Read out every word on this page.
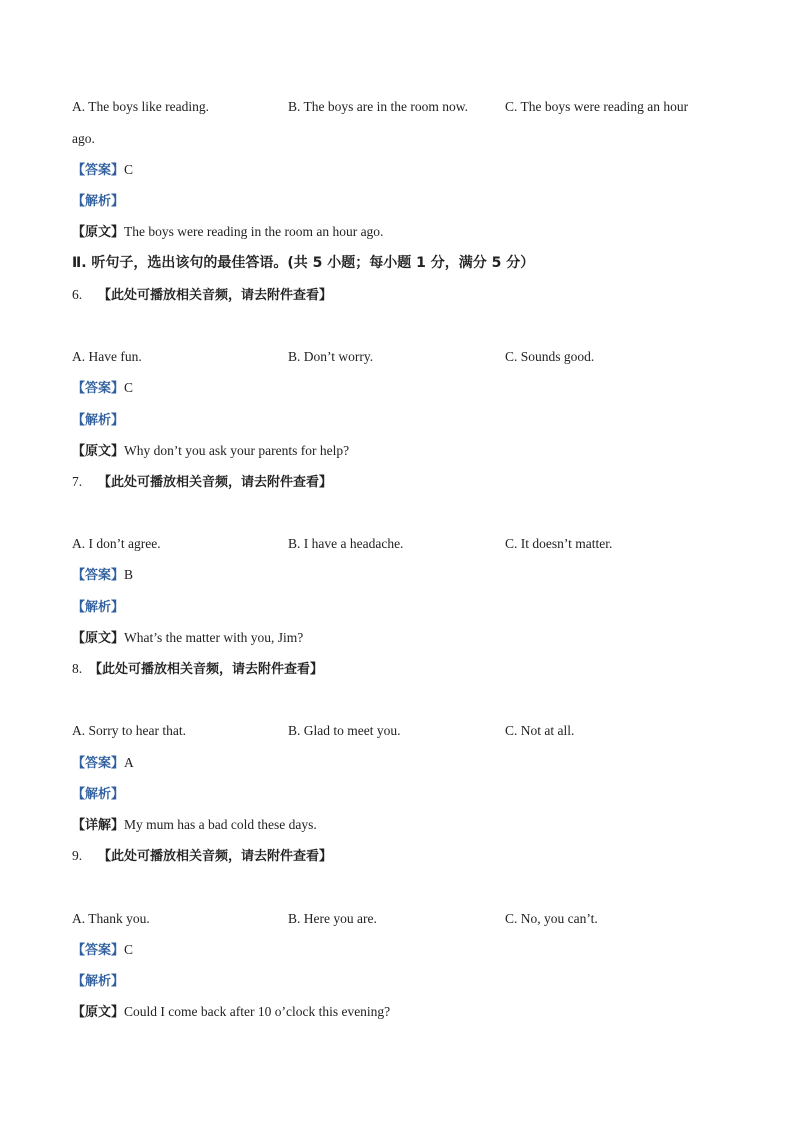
A. The boys like reading.	B. The boys are in the room now.	C. The boys were reading an hour
ago.
【答案】C
【解析】
【原文】The boys were reading in the room an hour ago.
Ⅱ. 听句子，选出该句的最佳答语。(共 5 小题；每小题 1 分，满分 5 分）
6. 【此处可播放相关音频，请去附件查看】
A. Have fun.	B. Don’t worry.	C. Sounds good.
【答案】C
【解析】
【原文】Why don’t you ask your parents for help?
7. 【此处可播放相关音频，请去附件查看】
A. I don’t agree.	B. I have a headache.	C. It doesn’t matter.
【答案】B
【解析】
【原文】What’s the matter with you, Jim?
8. 【此处可播放相关音频，请去附件查看】
A. Sorry to hear that.	B. Glad to meet you.	C. Not at all.
【答案】A
【解析】
【详解】My mum has a bad cold these days.
9. 【此处可播放相关音频，请去附件查看】
A. Thank you.	B. Here you are.	C. No, you can’t.
【答案】C
【解析】
【原文】Could I come back after 10 o’clock this evening?
